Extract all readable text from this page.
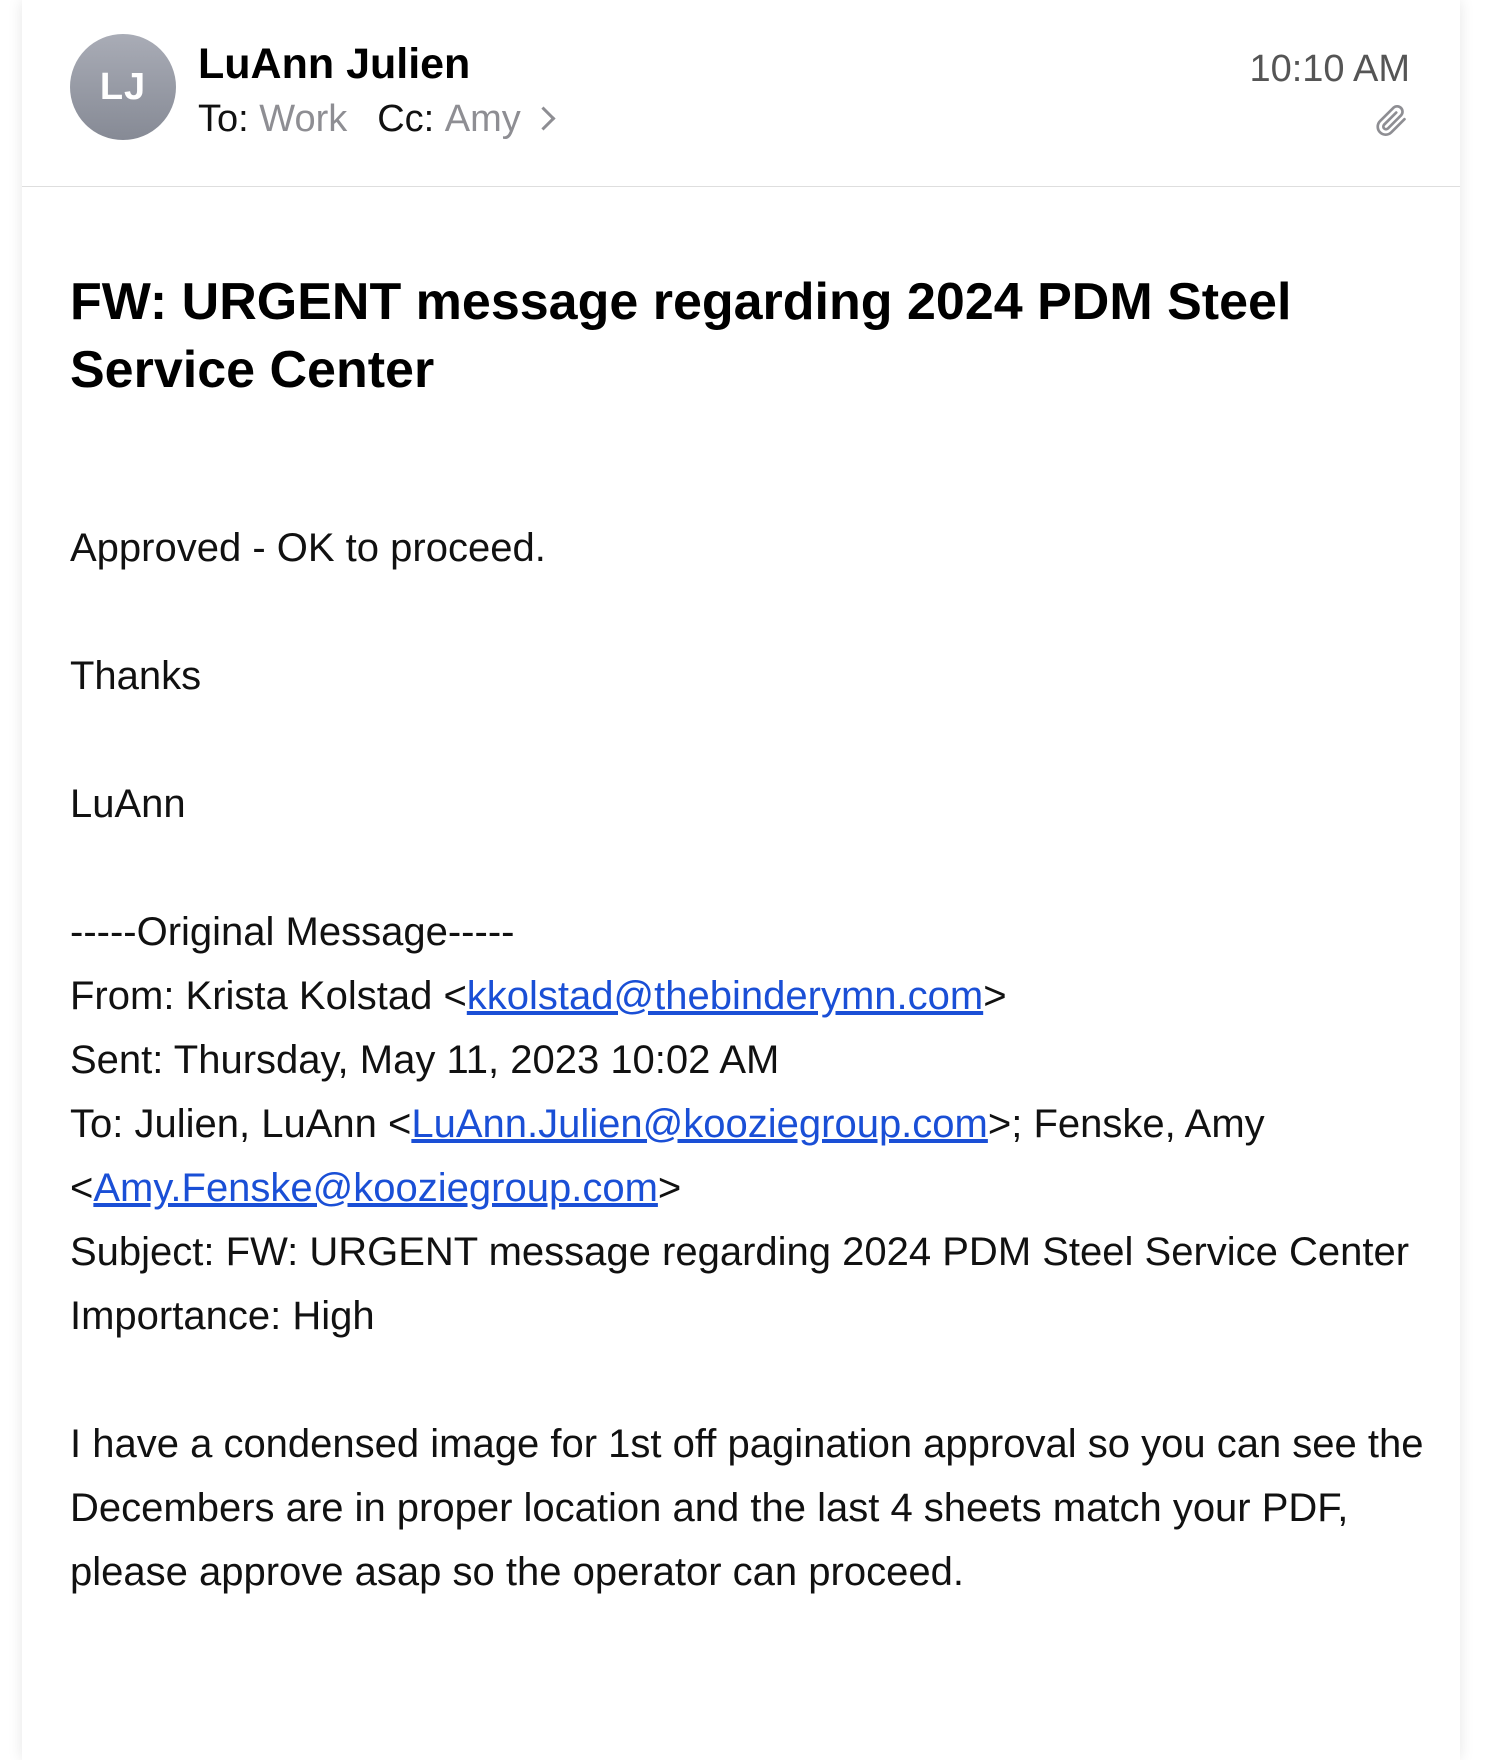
LJ LuAnn Julien
To:
Work Cc:
Amy
10:10 AM
FW: URGENT message regarding 2024 PDM Steel Service Center

Approved - OK to proceed.

Thanks

LuAnn

-----Original Message-----

From: Krista Kolstad <kkolstad@thebinderymn.com>

Sent: Thursday, May 11, 2023 10:02 AM

To: Julien, LuAnn <LuAnn.Julien@kooziegroup.com>; Fenske, Amy <Amy.Fenske@kooziegroup.com>

Subject: FW: URGENT message regarding 2024 PDM Steel Service Center

Importance: High

I have a condensed image for 1st off pagination approval so you can see the Decembers are in proper location and the last 4 sheets match your PDF, please approve asap so the operator can proceed.
